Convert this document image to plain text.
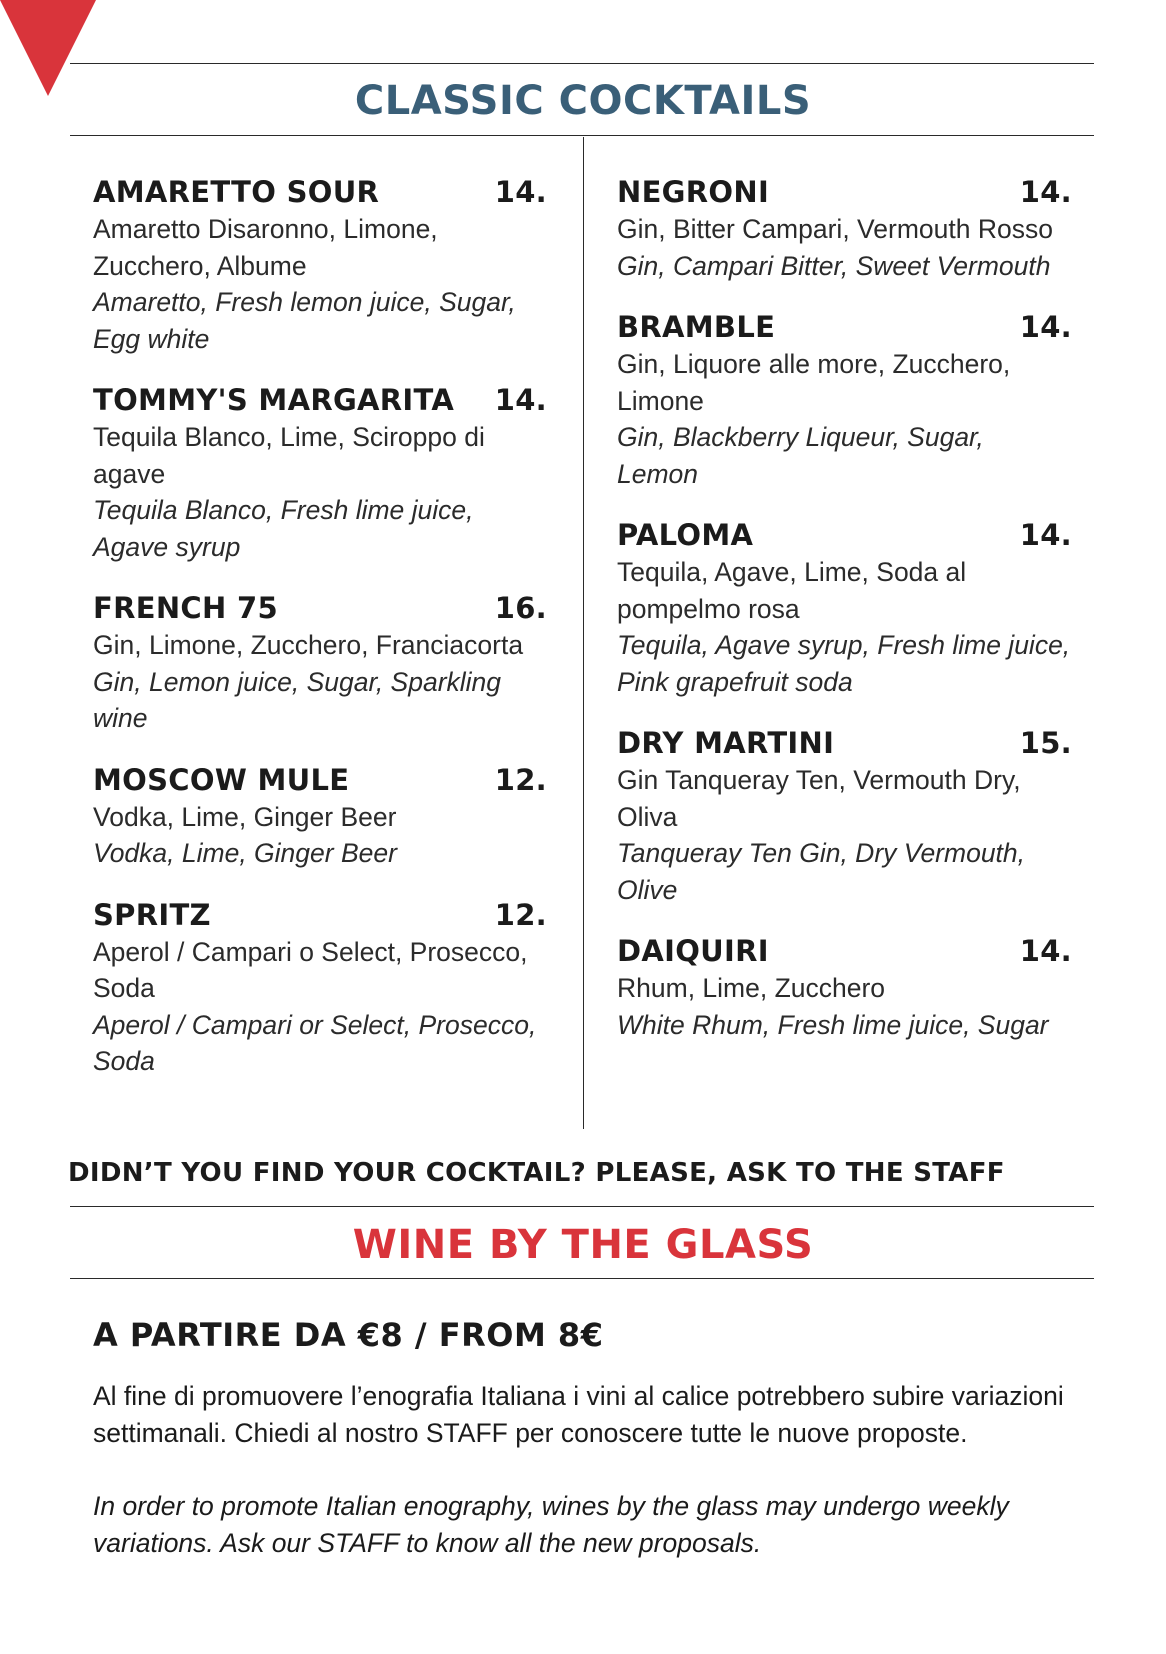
CLASSIC COCKTAILS
AMARETTO SOUR	14.
Amaretto Disaronno, Limone, Zucchero, Albume
Amaretto, Fresh lemon juice, Sugar, Egg white
TOMMY'S MARGARITA 14.
Tequila Blanco, Lime, Sciroppo di agave
Tequila Blanco, Fresh lime juice, Agave syrup
FRENCH 75	16.
Gin, Limone, Zucchero, Franciacorta
Gin, Lemon juice, Sugar, Sparkling wine
MOSCOW MULE	12.
Vodka, Lime, Ginger Beer
Vodka, Lime, Ginger Beer
SPRITZ	12.
Aperol / Campari o Select, Prosecco, Soda
Aperol / Campari or Select, Prosecco, Soda
NEGRONI	14.
Gin, Bitter Campari, Vermouth Rosso
Gin, Campari Bitter, Sweet Vermouth
BRAMBLE	14.
Gin, Liquore alle more, Zucchero, Limone
Gin, Blackberry Liqueur, Sugar, Lemon
PALOMA	14.
Tequila, Agave, Lime, Soda al pompelmo rosa
Tequila, Agave syrup, Fresh lime juice, Pink grapefruit soda
DRY MARTINI	15.
Gin Tanqueray Ten, Vermouth Dry, Oliva
Tanqueray Ten Gin, Dry Vermouth, Olive
DAIQUIRI	14.
Rhum, Lime, Zucchero
White Rhum, Fresh lime juice, Sugar
DIDN’T YOU FIND YOUR COCKTAIL? PLEASE, ASK TO THE STAFF
WINE BY THE GLASS
A PARTIRE DA €8 / FROM 8€
Al fine di promuovere l’enografia Italiana i vini al calice potrebbero subire variazioni settimanali. Chiedi al nostro STAFF per conoscere tutte le nuove proposte.
In order to promote Italian enography, wines by the glass may undergo weekly variations. Ask our STAFF to know all the new proposals.
